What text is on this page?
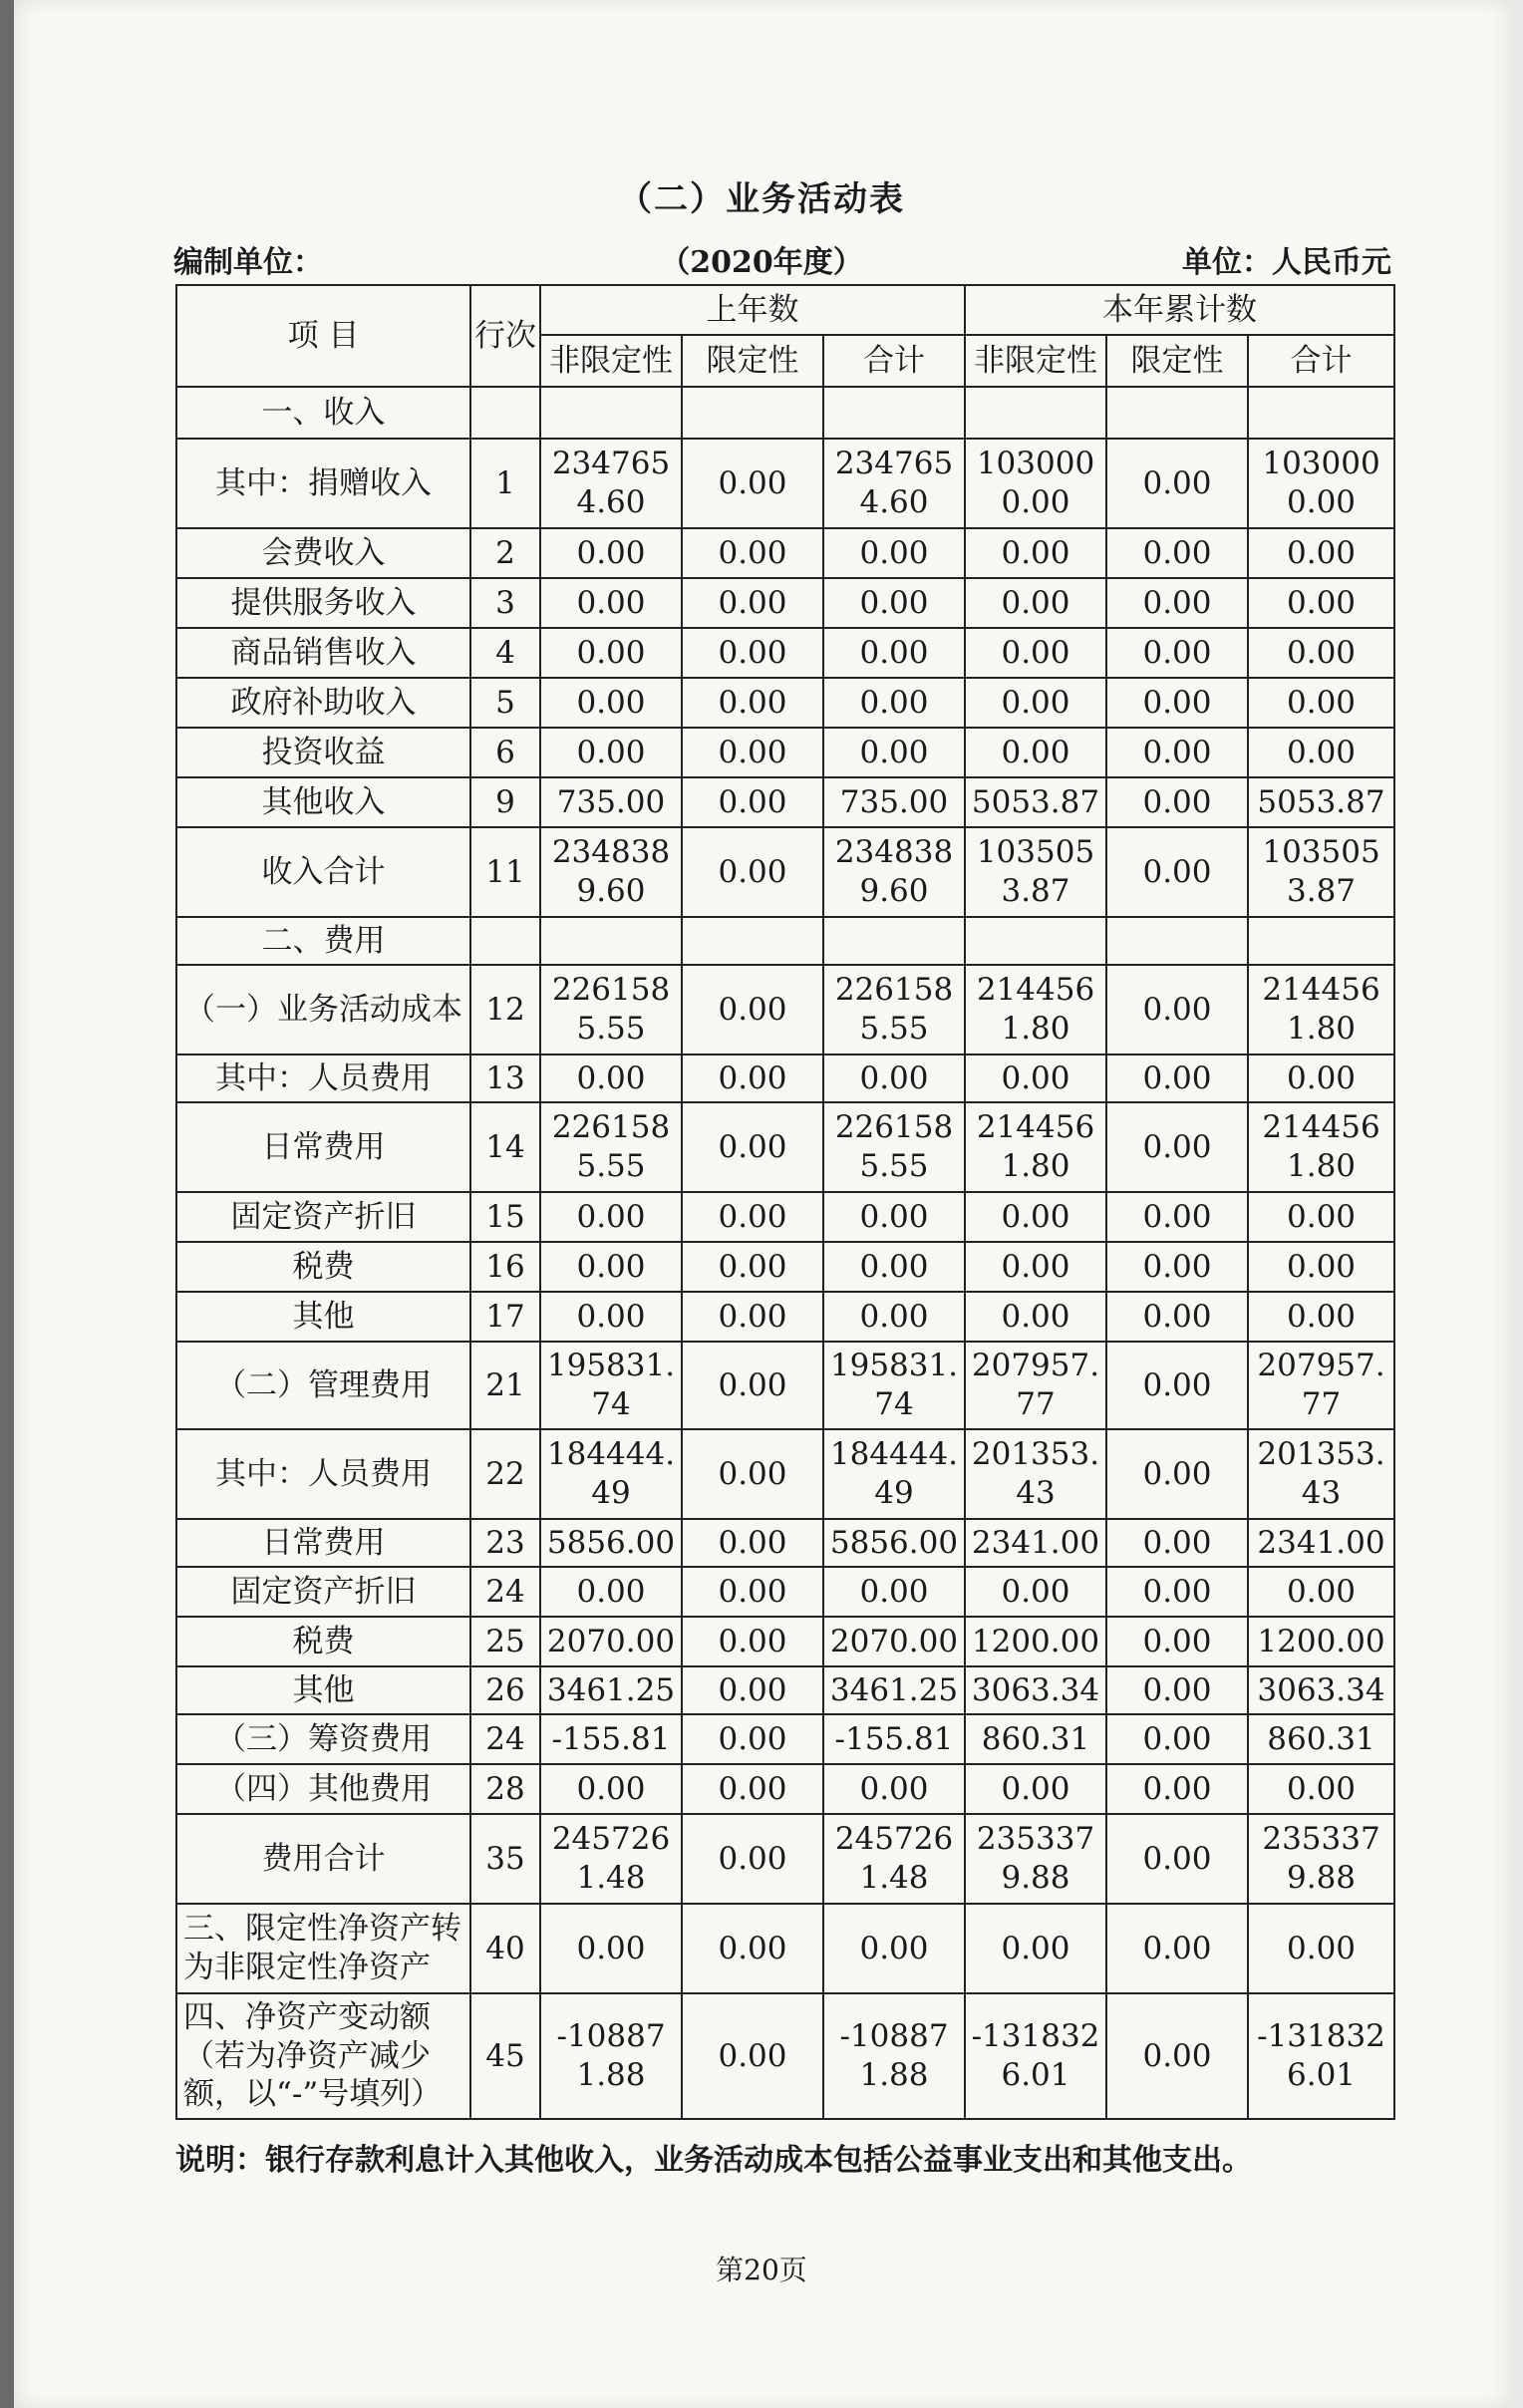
（二）业务活动表
编制单位：	（2020年度）	单位：人民币元
项 目	行次	上年数			本年累计数		
		非限定性	限定性	合计	非限定性	限定性	合计
一、收入							
其中：捐赠收入	1	2347654.60	0.00	2347654.60	1030000.00	0.00	1030000.00
会费收入	2	0.00	0.00	0.00	0.00	0.00	0.00
提供服务收入	3	0.00	0.00	0.00	0.00	0.00	0.00
商品销售收入	4	0.00	0.00	0.00	0.00	0.00	0.00
政府补助收入	5	0.00	0.00	0.00	0.00	0.00	0.00
投资收益	6	0.00	0.00	0.00	0.00	0.00	0.00
其他收入	9	735.00	0.00	735.00	5053.87	0.00	5053.87
收入合计	11	2348389.60	0.00	2348389.60	1035053.87	0.00	1035053.87
二、费用							
（一）业务活动成本	12	2261585.55	0.00	2261585.55	2144561.80	0.00	2144561.80
其中：人员费用	13	0.00	0.00	0.00	0.00	0.00	0.00
日常费用	14	2261585.55	0.00	2261585.55	2144561.80	0.00	2144561.80
固定资产折旧	15	0.00	0.00	0.00	0.00	0.00	0.00
税费	16	0.00	0.00	0.00	0.00	0.00	0.00
其他	17	0.00	0.00	0.00	0.00	0.00	0.00
（二）管理费用	21	195831.74	0.00	195831.74	207957.77	0.00	207957.77
其中：人员费用	22	184444.49	0.00	184444.49	201353.43	0.00	201353.43
日常费用	23	5856.00	0.00	5856.00	2341.00	0.00	2341.00
固定资产折旧	24	0.00	0.00	0.00	0.00	0.00	0.00
税费	25	2070.00	0.00	2070.00	1200.00	0.00	1200.00
其他	26	3461.25	0.00	3461.25	3063.34	0.00	3063.34
（三）筹资费用	24	-155.81	0.00	-155.81	860.31	0.00	860.31
（四）其他费用	28	0.00	0.00	0.00	0.00	0.00	0.00
费用合计	35	2457261.48	0.00	2457261.48	2353379.88	0.00	2353379.88
三、限定性净资产转为非限定性净资产	40	0.00	0.00	0.00	0.00	0.00	0.00
四、净资产变动额（若为净资产减少额，以“-”号填列）	45	-108871.88	0.00	-108871.88	-1318326.01	0.00	-1318326.01
说明：银行存款利息计入其他收入，业务活动成本包括公益事业支出和其他支出。
第20页
